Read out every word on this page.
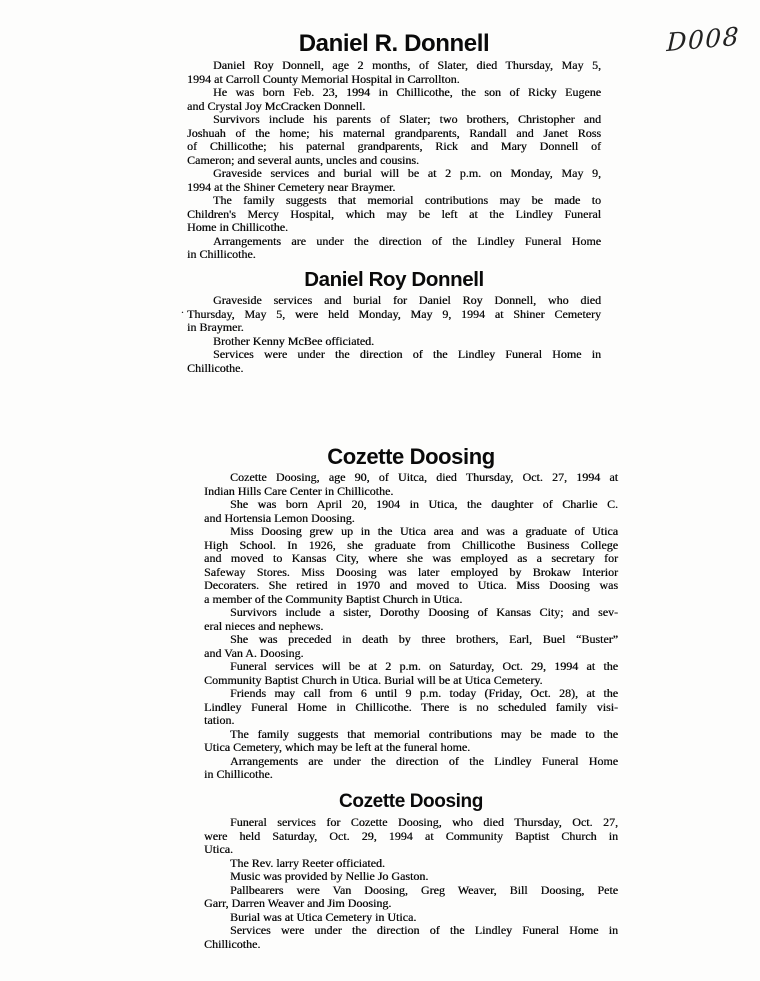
D008
Daniel R. Donnell
Daniel Roy Donnell, age 2 months, of Slater, died Thursday, May 5,
1994 at Carroll County Memorial Hospital in Carrollton.
He was born Feb. 23, 1994 in Chillicothe, the son of Ricky Eugene
and Crystal Joy McCracken Donnell.
Survivors include his parents of Slater; two brothers, Christopher and
Joshuah of the home; his maternal grandparents, Randall and Janet Ross
of Chillicothe; his paternal grandparents, Rick and Mary Donnell of
Cameron; and several aunts, uncles and cousins.
Graveside services and burial will be at 2 p.m. on Monday, May 9,
1994 at the Shiner Cemetery near Braymer.
The family suggests that memorial contributions may be made to
Children's Mercy Hospital, which may be left at the Lindley Funeral
Home in Chillicothe.
Arrangements are under the direction of the Lindley Funeral Home
in Chillicothe.
Daniel Roy Donnell
Graveside services and burial for Daniel Roy Donnell, who died
Thursday, May 5, were held Monday, May 9, 1994 at Shiner Cemetery
in Braymer.
Brother Kenny McBee officiated.
Services were under the direction of the Lindley Funeral Home in
Chillicothe.
Cozette Doosing
Cozette Doosing, age 90, of Uitca, died Thursday, Oct. 27, 1994 at
Indian Hills Care Center in Chillicothe.
She was born April 20, 1904 in Utica, the daughter of Charlie C.
and Hortensia Lemon Doosing.
Miss Doosing grew up in the Utica area and was a graduate of Utica
High School. In 1926, she graduate from Chillicothe Business College
and moved to Kansas City, where she was employed as a secretary for
Safeway Stores. Miss Doosing was later employed by Brokaw Interior
Decoraters. She retired in 1970 and moved to Utica. Miss Doosing was
a member of the Community Baptist Church in Utica.
Survivors include a sister, Dorothy Doosing of Kansas City; and sev-
eral nieces and nephews.
She was preceded in death by three brothers, Earl, Buel “Buster”
and Van A. Doosing.
Funeral services will be at 2 p.m. on Saturday, Oct. 29, 1994 at the
Community Baptist Church in Utica. Burial will be at Utica Cemetery.
Friends may call from 6 until 9 p.m. today (Friday, Oct. 28), at the
Lindley Funeral Home in Chillicothe. There is no scheduled family visi-
tation.
The family suggests that memorial contributions may be made to the
Utica Cemetery, which may be left at the funeral home.
Arrangements are under the direction of the Lindley Funeral Home
in Chillicothe.
Cozette Doosing
Funeral services for Cozette Doosing, who died Thursday, Oct. 27,
were held Saturday, Oct. 29, 1994 at Community Baptist Church in
Utica.
The Rev. larry Reeter officiated.
Music was provided by Nellie Jo Gaston.
Pallbearers were Van Doosing, Greg Weaver, Bill Doosing, Pete
Garr, Darren Weaver and Jim Doosing.
Burial was at Utica Cemetery in Utica.
Services were under the direction of the Lindley Funeral Home in
Chillicothe.
.
